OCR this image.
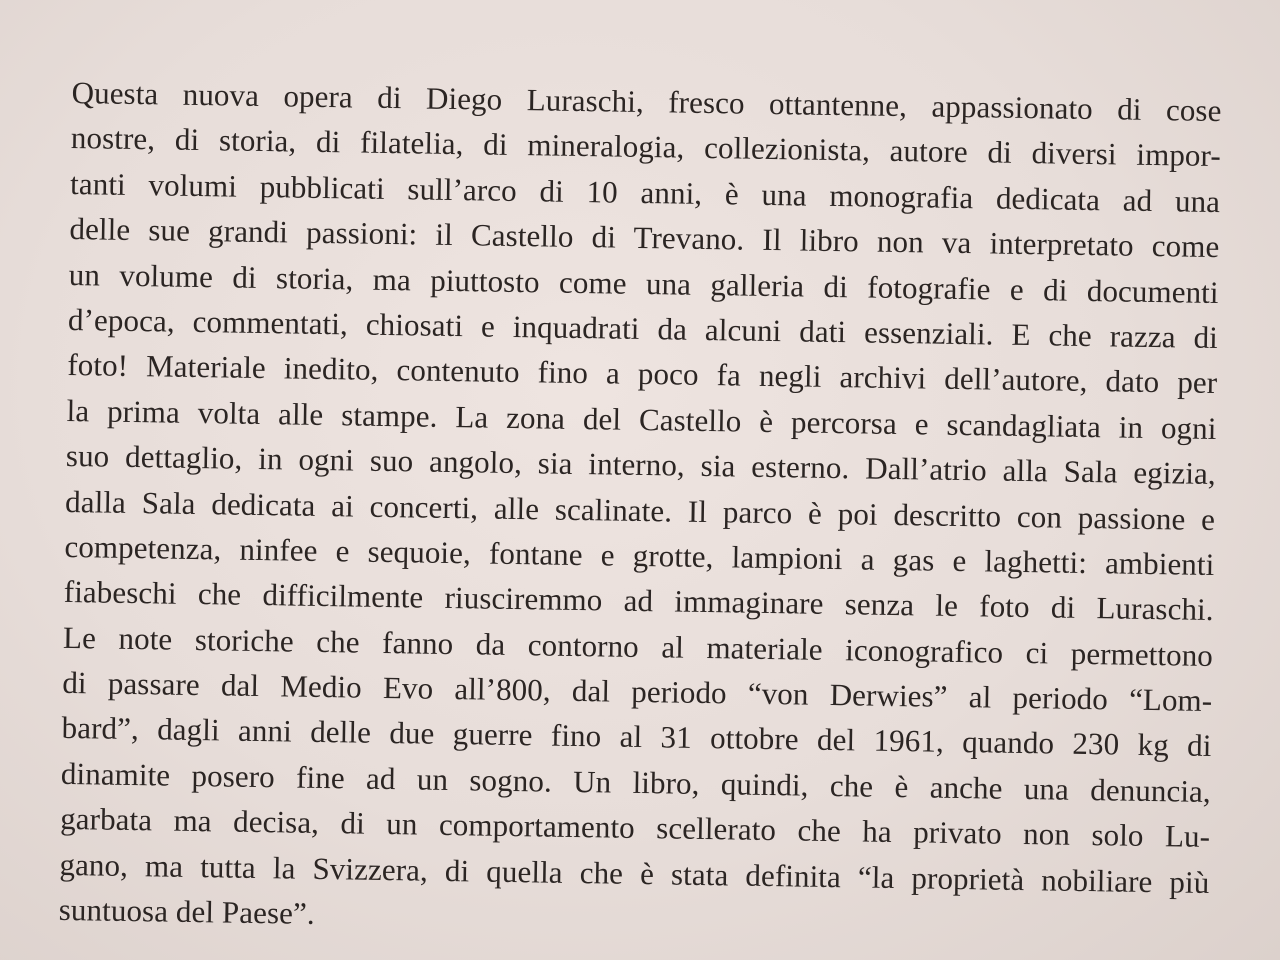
Questa nuova opera di Diego Luraschi, fresco ottantenne, appassionato di cose
nostre, di storia, di filatelia, di mineralogia, collezionista, autore di diversi impor-
tanti volumi pubblicati sull’arco di 10 anni, è una monografia dedicata ad una
delle sue grandi passioni: il Castello di Trevano. Il libro non va interpretato come
un volume di storia, ma piuttosto come una galleria di fotografie e di documenti
d’epoca, commentati, chiosati e inquadrati da alcuni dati essenziali. E che razza di
foto! Materiale inedito, contenuto fino a poco fa negli archivi dell’autore, dato per
la prima volta alle stampe. La zona del Castello è percorsa e scandagliata in ogni
suo dettaglio, in ogni suo angolo, sia interno, sia esterno. Dall’atrio alla Sala egizia,
dalla Sala dedicata ai concerti, alle scalinate. Il parco è poi descritto con passione e
competenza, ninfee e sequoie, fontane e grotte, lampioni a gas e laghetti: ambienti
fiabeschi che difficilmente riusciremmo ad immaginare senza le foto di Luraschi.
Le note storiche che fanno da contorno al materiale iconografico ci permettono
di passare dal Medio Evo all’800, dal periodo “von Derwies” al periodo “Lom-
bard”, dagli anni delle due guerre fino al 31 ottobre del 1961, quando 230 kg di
dinamite posero fine ad un sogno. Un libro, quindi, che è anche una denuncia,
garbata ma decisa, di un comportamento scellerato che ha privato non solo Lu-
gano, ma tutta la Svizzera, di quella che è stata definita “la proprietà nobiliare più
suntuosa del Paese”.
